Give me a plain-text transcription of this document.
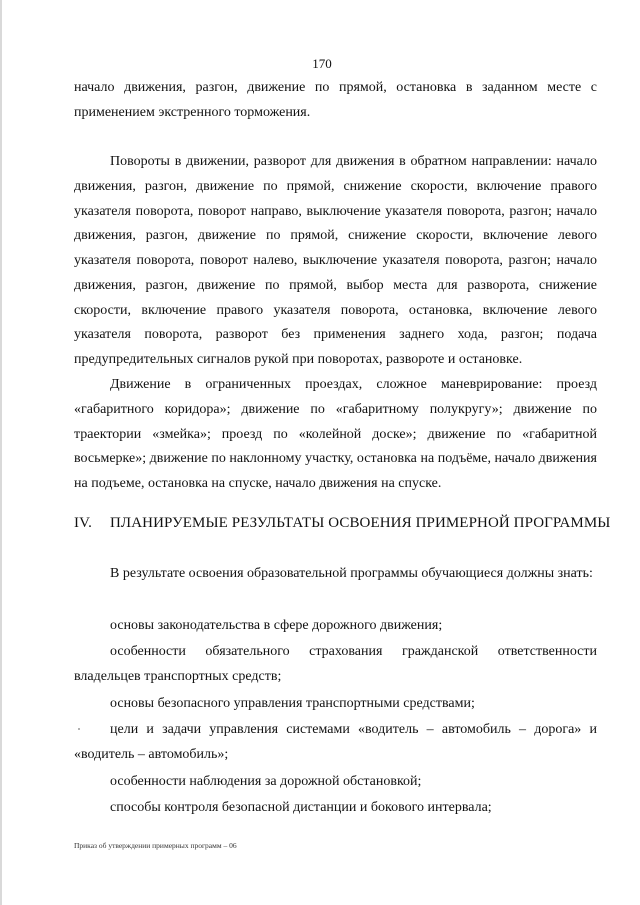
170
начало движения, разгон, движение по прямой, остановка в заданном месте с применением экстренного торможения.
Повороты в движении, разворот для движения в обратном направлении: начало движения, разгон, движение по прямой, снижение скорости, включение правого указателя поворота, поворот направо, выключение указателя поворота, разгон; начало движения, разгон, движение по прямой, снижение скорости, включение левого указателя поворота, поворот налево, выключение указателя поворота, разгон; начало движения, разгон, движение по прямой, выбор места для разворота, снижение скорости, включение правого указателя поворота, остановка, включение левого указателя поворота, разворот без применения заднего хода, разгон; подача предупредительных сигналов рукой при поворотах, развороте и остановке.
Движение в ограниченных проездах, сложное маневрирование: проезд «габаритного коридора»; движение по «габаритному полукругу»; движение по траектории «змейка»; проезд по «колейной доске»; движение по «габаритной восьмерке»; движение по наклонному участку, остановка на подъёме, начало движения на подъеме, остановка на спуске, начало движения на спуске.
IV. ПЛАНИРУЕМЫЕ РЕЗУЛЬТАТЫ ОСВОЕНИЯ ПРИМЕРНОЙ ПРОГРАММЫ
В результате освоения образовательной программы обучающиеся должны знать:
основы законодательства в сфере дорожного движения;
особенности обязательного страхования гражданской ответственности владельцев транспортных средств;
основы безопасного управления транспортными средствами;
цели и задачи управления системами «водитель – автомобиль – дорога» и «водитель – автомобиль»;
особенности наблюдения за дорожной обстановкой;
способы контроля безопасной дистанции и бокового интервала;
Приказ об утверждении примерных программ – 06
